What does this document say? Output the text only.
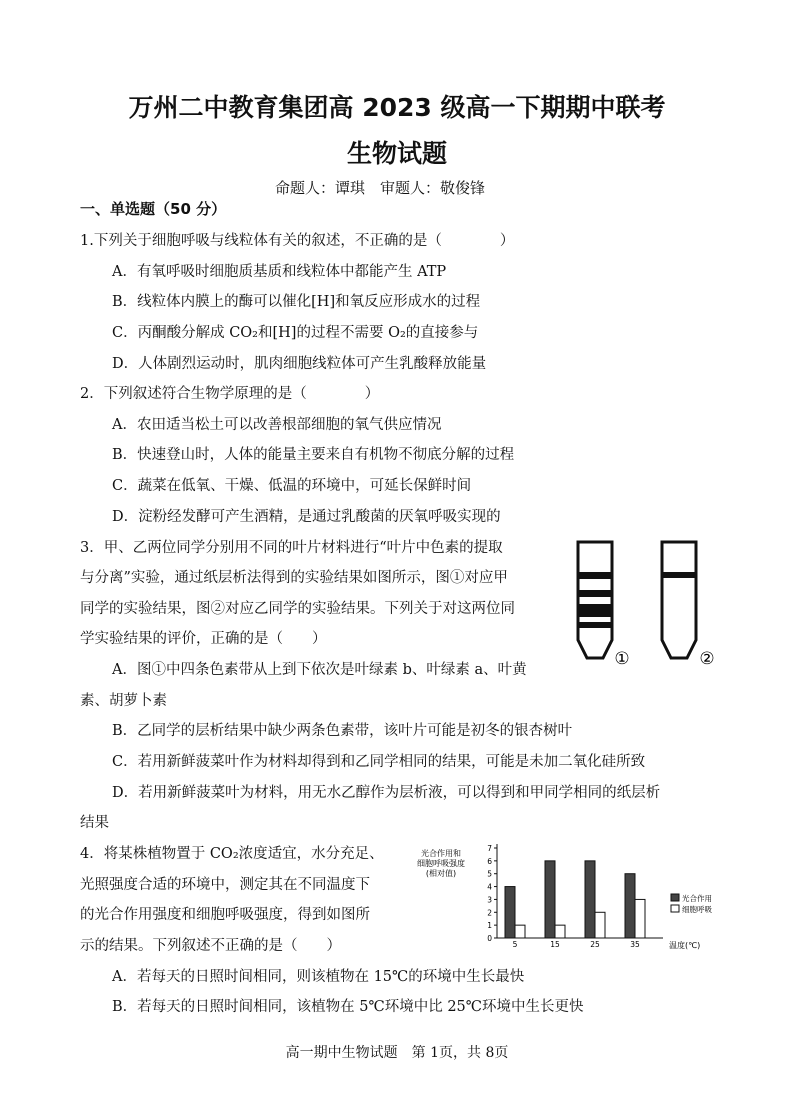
万州二中教育集团高 2023 级高一下期期中联考
生物试题
命题人：谭琪　审题人：敬俊锋
一、单选题（50 分）
1.下列关于细胞呼吸与线粒体有关的叙述，不正确的是（　　　　）
A．有氧呼吸时细胞质基质和线粒体中都能产生 ATP
B．线粒体内膜上的酶可以催化[H]和氧反应形成水的过程
C．丙酮酸分解成 CO₂和[H]的过程不需要 O₂的直接参与
D．人体剧烈运动时，肌肉细胞线粒体可产生乳酸释放能量
2．下列叙述符合生物学原理的是（　　　　）
A．农田适当松土可以改善根部细胞的氧气供应情况
B．快速登山时，人体的能量主要来自有机物不彻底分解的过程
C．蔬菜在低氧、干燥、低温的环境中，可延长保鲜时间
D．淀粉经发酵可产生酒精，是通过乳酸菌的厌氧呼吸实现的
3．甲、乙两位同学分别用不同的叶片材料进行“叶片中色素的提取
与分离”实验，通过纸层析法得到的实验结果如图所示，图①对应甲
同学的实验结果，图②对应乙同学的实验结果。下列关于对这两位同
学实验结果的评价，正确的是（　　）
A．图①中四条色素带从上到下依次是叶绿素 b、叶绿素 a、叶黄
素、胡萝卜素
B．乙同学的层析结果中缺少两条色素带，该叶片可能是初冬的银杏树叶
C．若用新鲜菠菜叶作为材料却得到和乙同学相同的结果，可能是未加二氧化硅所致
D．若用新鲜菠菜叶为材料，用无水乙醇作为层析液，可以得到和甲同学相同的纸层析
结果
①	②
4．将某株植物置于 CO₂浓度适宜，水分充足、
光照强度合适的环境中，测定其在不同温度下
的光合作用强度和细胞呼吸强度，得到如图所
示的结果。下列叙述不正确的是（　　）
A．若每天的日照时间相同，则该植物在 15℃的环境中生长最快
B．若每天的日照时间相同，该植物在 5℃环境中比 25℃环境中生长更快
光合作用和
细胞呼吸强度
(相对值)
0
1
2
3
4
5
6
7
5	15	25	35	温度(℃)
光合作用
细胞呼吸
高一期中生物试题　第 1页，共 8页
